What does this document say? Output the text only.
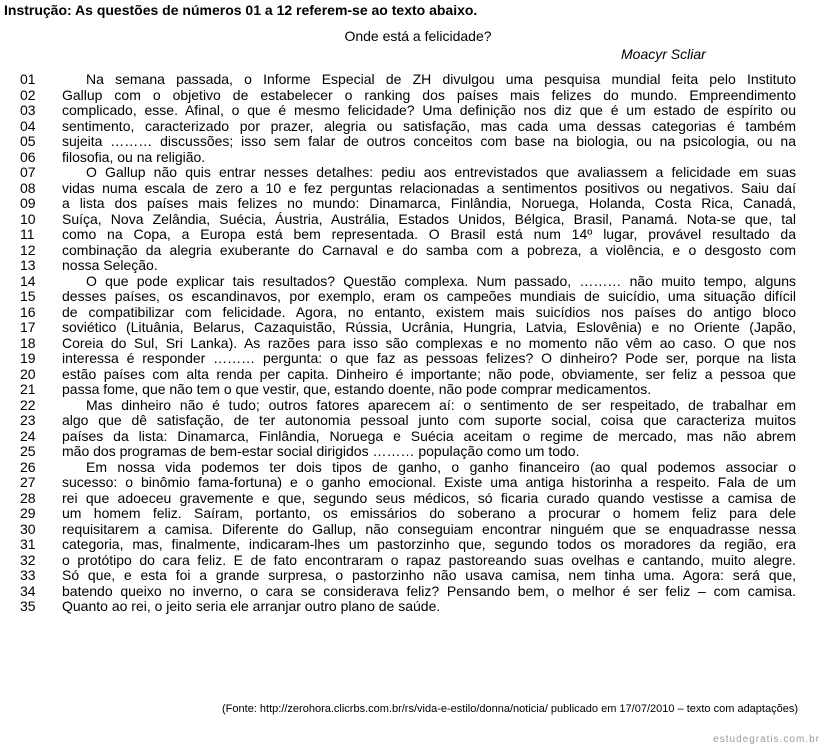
Instrução: As questões de números 01 a 12 referem-se ao texto abaixo.
Onde está a felicidade?
Moacyr Scliar
01	Na semana passada, o Informe Especial de ZH divulgou uma pesquisa mundial feita pelo Instituto
02	Gallup com o objetivo de estabelecer o ranking dos países mais felizes do mundo. Empreendimento
03	complicado, esse. Afinal, o que é mesmo felicidade? Uma definição nos diz que é um estado de espírito ou
04	sentimento, caracterizado por prazer, alegria ou satisfação, mas cada uma dessas categorias é também
05	sujeita ……… discussões; isso sem falar de outros conceitos com base na biologia, ou na psicologia, ou na
06	filosofia, ou na religião.
07	O Gallup não quis entrar nesses detalhes: pediu aos entrevistados que avaliassem a felicidade em suas
08	vidas numa escala de zero a 10 e fez perguntas relacionadas a sentimentos positivos ou negativos. Saiu daí
09	a lista dos países mais felizes no mundo: Dinamarca, Finlândia, Noruega, Holanda, Costa Rica, Canadá,
10	Suíça, Nova Zelândia, Suécia, Áustria, Austrália, Estados Unidos, Bélgica, Brasil, Panamá. Nota-se que, tal
11	como na Copa, a Europa está bem representada. O Brasil está num 14º lugar, provável resultado da
12	combinação da alegria exuberante do Carnaval e do samba com a pobreza, a violência, e o desgosto com
13	nossa Seleção.
14	O que pode explicar tais resultados? Questão complexa. Num passado, ……… não muito tempo, alguns
15	desses países, os escandinavos, por exemplo, eram os campeões mundiais de suicídio, uma situação difícil
16	de compatibilizar com felicidade. Agora, no entanto, existem mais suicídios nos países do antigo bloco
17	soviético (Lituânia, Belarus, Cazaquistão, Rússia, Ucrânia, Hungria, Latvia, Eslovênia) e no Oriente (Japão,
18	Coreia do Sul, Sri Lanka). As razões para isso são complexas e no momento não vêm ao caso. O que nos
19	interessa é responder ……… pergunta: o que faz as pessoas felizes? O dinheiro? Pode ser, porque na lista
20	estão países com alta renda per capita. Dinheiro é importante; não pode, obviamente, ser feliz a pessoa que
21	passa fome, que não tem o que vestir, que, estando doente, não pode comprar medicamentos.
22	Mas dinheiro não é tudo; outros fatores aparecem aí: o sentimento de ser respeitado, de trabalhar em
23	algo que dê satisfação, de ter autonomia pessoal junto com suporte social, coisa que caracteriza muitos
24	países da lista: Dinamarca, Finlândia, Noruega e Suécia aceitam o regime de mercado, mas não abrem
25	mão dos programas de bem-estar social dirigidos ……… população como um todo.
26	Em nossa vida podemos ter dois tipos de ganho, o ganho financeiro (ao qual podemos associar o
27	sucesso: o binômio fama-fortuna) e o ganho emocional. Existe uma antiga historinha a respeito. Fala de um
28	rei que adoeceu gravemente e que, segundo seus médicos, só ficaria curado quando vestisse a camisa de
29	um homem feliz. Saíram, portanto, os emissários do soberano a procurar o homem feliz para dele
30	requisitarem a camisa. Diferente do Gallup, não conseguiam encontrar ninguém que se enquadrasse nessa
31	categoria, mas, finalmente, indicaram-lhes um pastorzinho que, segundo todos os moradores da região, era
32	o protótipo do cara feliz. E de fato encontraram o rapaz pastoreando suas ovelhas e cantando, muito alegre.
33	Só que, e esta foi a grande surpresa, o pastorzinho não usava camisa, nem tinha uma. Agora: será que,
34	batendo queixo no inverno, o cara se considerava feliz? Pensando bem, o melhor é ser feliz – com camisa.
35	Quanto ao rei, o jeito seria ele arranjar outro plano de saúde.
(Fonte: http://zerohora.clicrbs.com.br/rs/vida-e-estilo/donna/noticia/ publicado em 17/07/2010 – texto com adaptações)
estudegratis.com.br
